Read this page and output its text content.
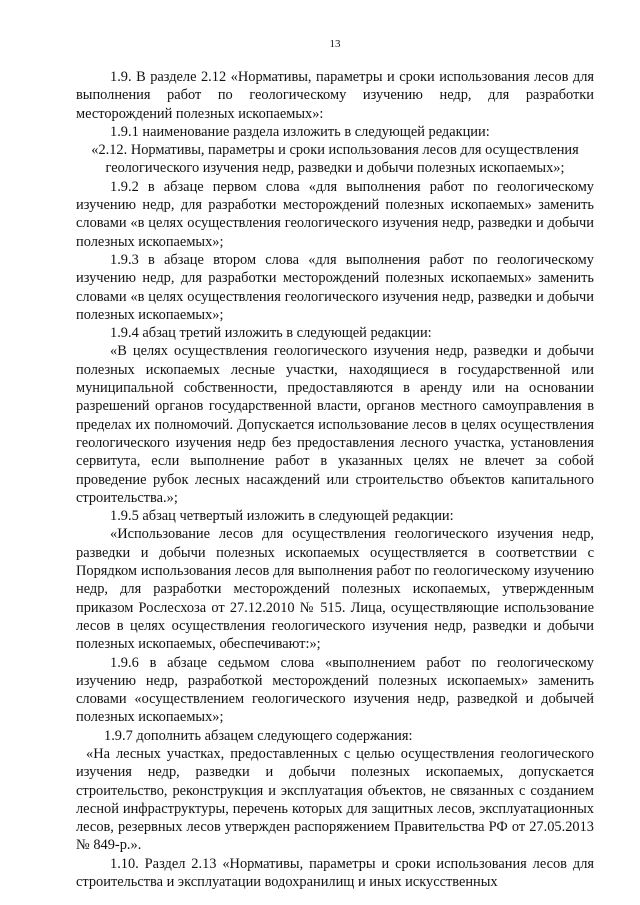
13

1.9. В разделе 2.12 «Нормативы, параметры и сроки использования лесов для выполнения работ по геологическому изучению недр, для разработки месторождений полезных ископаемых»:

1.9.1 наименование раздела изложить в следующей редакции:

«2.12. Нормативы, параметры и сроки использования лесов для осуществления геологического изучения недр, разведки и добычи полезных ископаемых»;

1.9.2 в абзаце первом слова «для выполнения работ по геологическому изучению недр, для разработки месторождений полезных ископаемых» заменить словами «в целях осуществления геологического изучения недр, разведки и добычи полезных ископаемых»;

1.9.3 в абзаце втором слова «для выполнения работ по геологическому изучению недр, для разработки месторождений полезных ископаемых» заменить словами «в целях осуществления геологического изучения недр, разведки и добычи полезных ископаемых»;

1.9.4 абзац третий изложить в следующей редакции:

«В целях осуществления геологического изучения недр, разведки и добычи полезных ископаемых лесные участки, находящиеся в государственной или муниципальной собственности, предоставляются в аренду или на основании разрешений органов государственной власти, органов местного самоуправления в пределах их полномочий. Допускается использование лесов в целях осуществления геологического изучения недр без предоставления лесного участка, установления сервитута, если выполнение работ в указанных целях не влечет за собой проведение рубок лесных насаждений или строительство объектов капитального строительства.»;

1.9.5 абзац четвертый изложить в следующей редакции:

«Использование лесов для осуществления геологического изучения недр, разведки и добычи полезных ископаемых осуществляется в соответствии с Порядком использования лесов для выполнения работ по геологическому изучению недр, для разработки месторождений полезных ископаемых, утвержденным приказом Рослесхоза от 27.12.2010 № 515. Лица, осуществляющие использование лесов в целях осуществления геологического изучения недр, разведки и добычи полезных ископаемых, обеспечивают:»;

1.9.6 в абзаце седьмом слова «выполнением работ по геологическому изучению недр, разработкой месторождений полезных ископаемых» заменить словами «осуществлением геологического изучения недр, разведкой и добычей полезных ископаемых»;

1.9.7 дополнить абзацем следующего содержания:

«На лесных участках, предоставленных с целью осуществления геологического изучения недр, разведки и добычи полезных ископаемых, допускается строительство, реконструкция и эксплуатация объектов, не связанных с созданием лесной инфраструктуры, перечень которых для защитных лесов, эксплуатационных лесов, резервных лесов утвержден распоряжением Правительства РФ от 27.05.2013 № 849-р.».

1.10. Раздел 2.13 «Нормативы, параметры и сроки использования лесов для строительства и эксплуатации водохранилищ и иных искусственных
